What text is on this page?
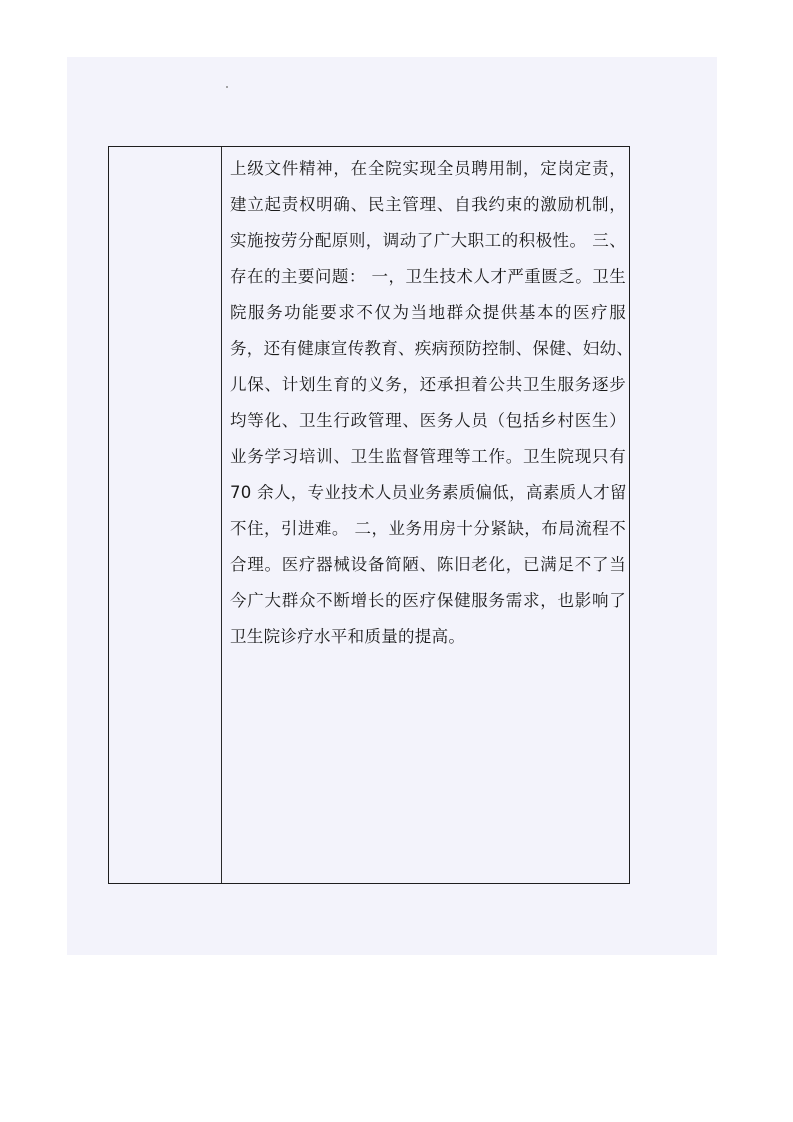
上级文件精神，在全院实现全员聘用制，定岗定责，
建立起责权明确、民主管理、自我约束的激励机制，
实施按劳分配原则，调动了广大职工的积极性。 三、
存在的主要问题： 一，卫生技术人才严重匮乏。卫生
院服务功能要求不仅为当地群众提供基本的医疗服
务，还有健康宣传教育、疾病预防控制、保健、妇幼、
儿保、计划生育的义务，还承担着公共卫生服务逐步
均等化、卫生行政管理、医务人员（包括乡村医生）
业务学习培训、卫生监督管理等工作。卫生院现只有
70 余人，专业技术人员业务素质偏低，高素质人才留
不住，引进难。 二，业务用房十分紧缺，布局流程不
合理。医疗器械设备简陋、陈旧老化，已满足不了当
今广大群众不断增长的医疗保健服务需求，也影响了
卫生院诊疗水平和质量的提高。
